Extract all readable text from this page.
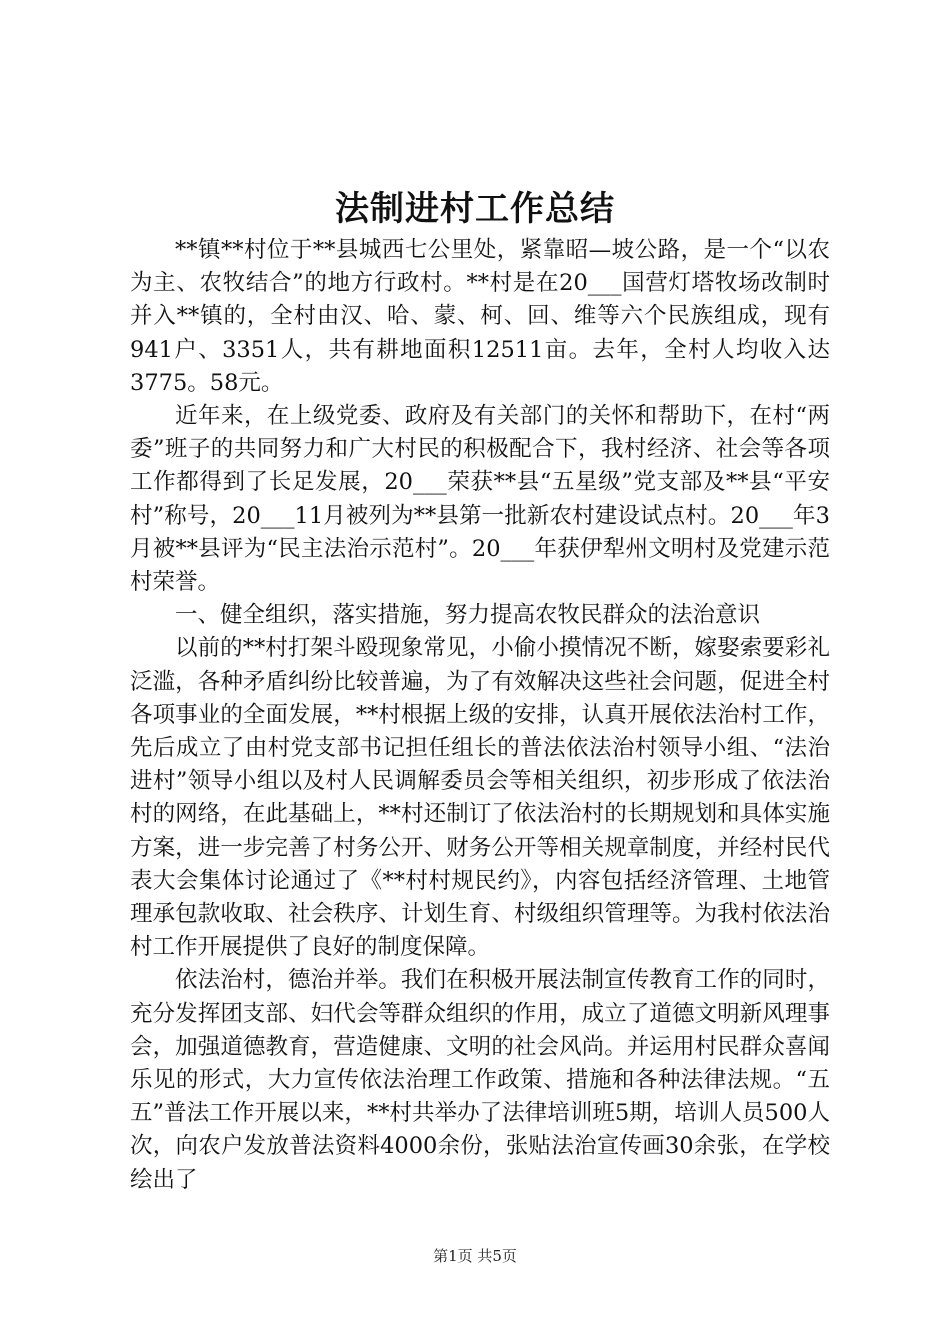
法制进村工作总结

**镇**村位于**县城西七公里处，紧靠昭—坡公路，是一个“以农为主、农牧结合”的地方行政村。**村是在20___国营灯塔牧场改制时并入**镇的，全村由汉、哈、蒙、柯、回、维等六个民族组成，现有941户、3351人，共有耕地面积12511亩。去年，全村人均收入达3775。58元。

近年来，在上级党委、政府及有关部门的关怀和帮助下，在村“两委”班子的共同努力和广大村民的积极配合下，我村经济、社会等各项工作都得到了长足发展，20___荣获**县“五星级”党支部及**县“平安村”称号，20___11月被列为**县第一批新农村建设试点村。20___年3月被**县评为“民主法治示范村”。20___年获伊犁州文明村及党建示范村荣誉。

一、健全组织，落实措施，努力提高农牧民群众的法治意识

以前的**村打架斗殴现象常见，小偷小摸情况不断，嫁娶索要彩礼泛滥，各种矛盾纠纷比较普遍，为了有效解决这些社会问题，促进全村各项事业的全面发展，**村根据上级的安排，认真开展依法治村工作，先后成立了由村党支部书记担任组长的普法依法治村领导小组、“法治进村”领导小组以及村人民调解委员会等相关组织，初步形成了依法治村的网络，在此基础上，**村还制订了依法治村的长期规划和具体实施方案，进一步完善了村务公开、财务公开等相关规章制度，并经村民代表大会集体讨论通过了《**村村规民约》，内容包括经济管理、土地管理承包款收取、社会秩序、计划生育、村级组织管理等。为我村依法治村工作开展提供了良好的制度保障。

依法治村，德治并举。我们在积极开展法制宣传教育工作的同时，充分发挥团支部、妇代会等群众组织的作用，成立了道德文明新风理事会，加强道德教育，营造健康、文明的社会风尚。并运用村民群众喜闻乐见的形式，大力宣传依法治理工作政策、措施和各种法律法规。“五五”普法工作开展以来，**村共举办了法律培训班5期，培训人员500人次，向农户发放普法资料4000余份，张贴法治宣传画30余张，在学校绘出了

第1页 共5页
